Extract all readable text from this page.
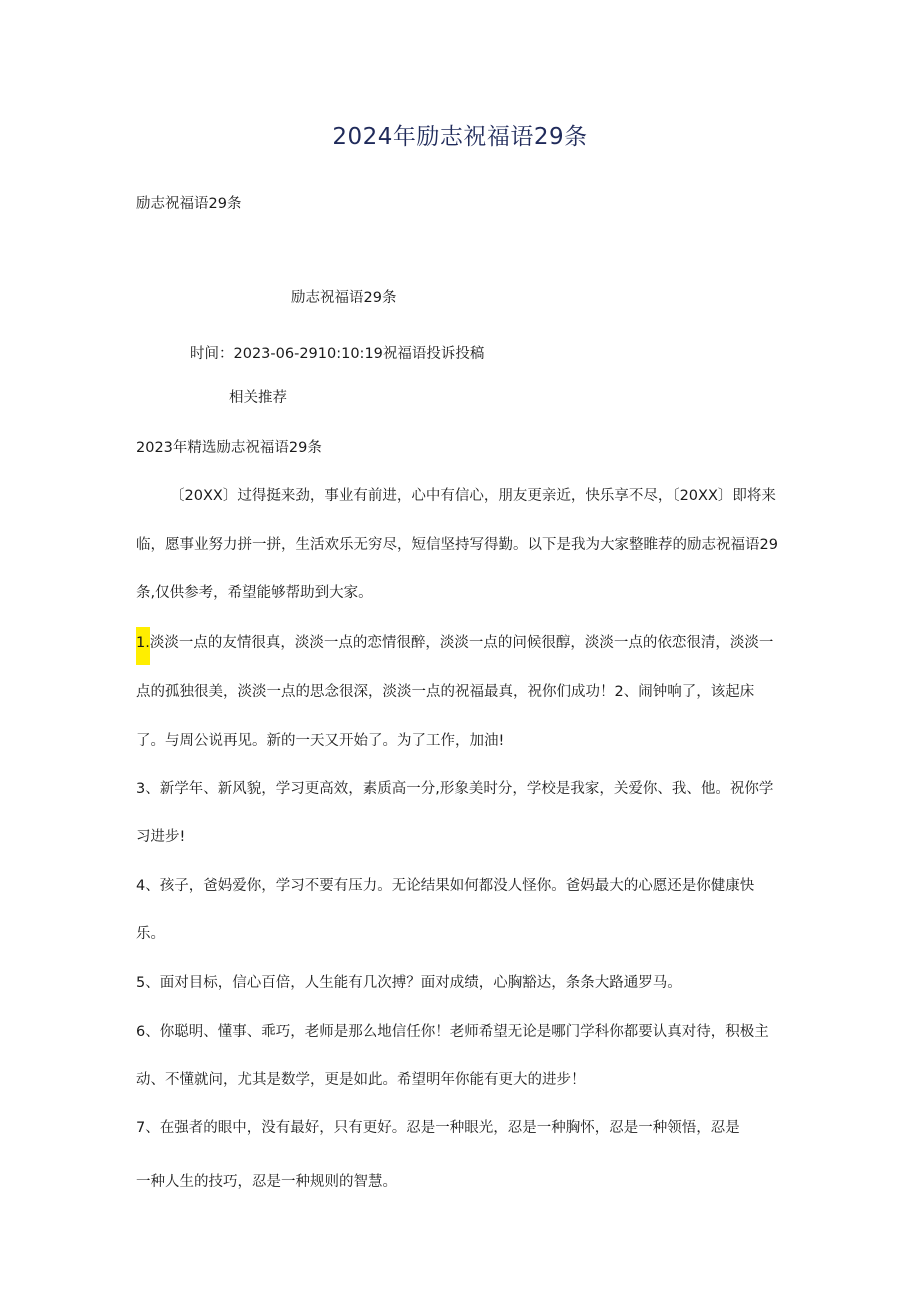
2024年励志祝福语29条
励志祝福语29条
励志祝福语29条
时间：2023-06-2910:10:19祝福语投诉投稿
相关推荐
2023年精选励志祝福语29条
〔20XX〕过得挺来劲，事业有前进，心中有信心，朋友更亲近，快乐享不尽，〔20XX〕即将来
临，愿事业努力拼一拼，生活欢乐无穷尽，短信坚持写得勤。以下是我为大家整睢荐的励志祝福语29
条,仅供参考，希望能够帮助到大家。
1.淡淡一点的友情很真，淡淡一点的恋情很醉，淡淡一点的问候很醇，淡淡一点的依恋很清，淡淡一
点的孤独很美，淡淡一点的思念很深，淡淡一点的祝福最真，祝你们成功！2、闹钟响了，该起床
了。与周公说再见。新的一天又开始了。为了工作，加油!
3、新学年、新风貌，学习更高效，素质高一分,形象美时分，学校是我家，关爱你、我、他。祝你学
习进步!
4、孩子，爸妈爱你，学习不要有压力。无论结果如何都没人怪你。爸妈最大的心愿还是你健康快
乐。
5、面对目标，信心百倍，人生能有几次搏？面对成绩，心胸豁达，条条大路通罗马。
6、你聪明、懂事、乖巧，老师是那么地信任你！老师希望无论是哪门学科你都要认真对待，积极主
动、不懂就问，尤其是数学，更是如此。希望明年你能有更大的进步！
7、在强者的眼中，没有最好，只有更好。忍是一种眼光，忍是一种胸怀，忍是一种领悟，忍是
一种人生的技巧，忍是一种规则的智慧。
